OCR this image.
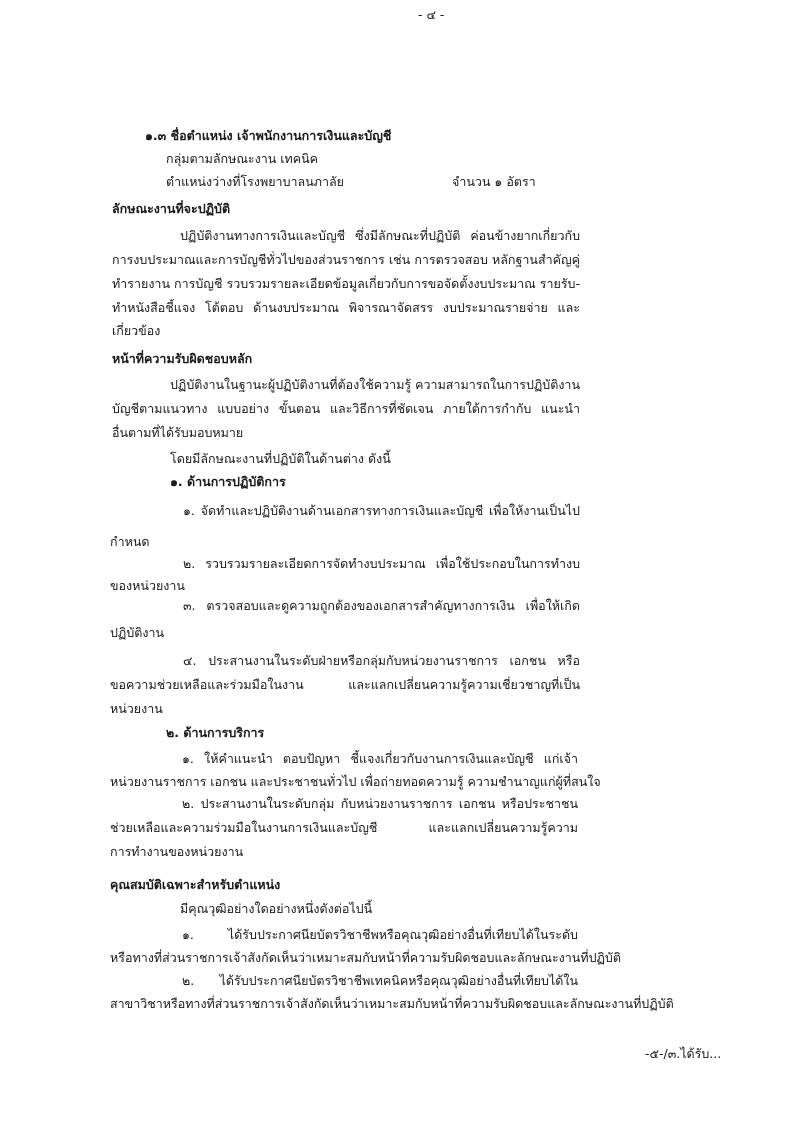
- ๔ -
๑.๓ ชื่อตำแหน่ง เจ้าพนักงานการเงินและบัญชี
กลุ่มตามลักษณะงาน เทคนิค
ตำแหน่งว่างที่โรงพยาบาลนภาลัย	จำนวน ๑ อัตรา
ลักษณะงานที่จะปฏิบัติ
ปฏิบัติงานทางการเงินและบัญชี ซึ่งมีลักษณะที่ปฏิบัติ ค่อนข้างยากเกี่ยวกับ
การงบประมาณและการบัญชีทั่วไปของส่วนราชการ เช่น การตรวจสอบ หลักฐานสำคัญคู่
ทำรายงาน การบัญชี รวบรวมรายละเอียดข้อมูลเกี่ยวกับการขอจัดตั้งงบประมาณ รายรับ-
ทำหนังสือชี้แจง โต้ตอบ ด้านงบประมาณ พิจารณาจัดสรร งบประมาณรายจ่าย และ
เกี่ยวข้อง
หน้าที่ความรับผิดชอบหลัก
ปฏิบัติงานในฐานะผู้ปฏิบัติงานที่ต้องใช้ความรู้ ความสามารถในการปฏิบัติงาน
บัญชีตามแนวทาง แบบอย่าง ขั้นตอน และวิธีการที่ชัดเจน ภายใต้การกำกับ แนะนำ
อื่นตามที่ได้รับมอบหมาย
โดยมีลักษณะงานที่ปฏิบัติในด้านต่าง ดังนี้
๑. ด้านการปฏิบัติการ
๑. จัดทำและปฏิบัติงานด้านเอกสารทางการเงินและบัญชี เพื่อให้งานเป็นไป
กำหนด
๒. รวบรวมรายละเอียดการจัดทำงบประมาณ เพื่อใช้ประกอบในการทำงบ
ของหน่วยงาน
๓. ตรวจสอบและดูความถูกต้องของเอกสารสำคัญทางการเงิน เพื่อให้เกิด
ปฏิบัติงาน
๔. ประสานงานในระดับฝ่ายหรือกลุ่มกับหน่วยงานราชการ เอกชน หรือ
ขอความช่วยเหลือและร่วมมือในงาน และแลกเปลี่ยนความรู้ความเชี่ยวชาญที่เป็น
หน่วยงาน
๒. ด้านการบริการ
๑. ให้คำแนะนำ ตอบปัญหา ชี้แจงเกี่ยวกับงานการเงินและบัญชี แก่เจ้า
หน่วยงานราชการ เอกชน และประชาชนทั่วไป เพื่อถ่ายทอดความรู้ ความชำนาญแก่ผู้ที่สนใจ
๒. ประสานงานในระดับกลุ่ม กับหน่วยงานราชการ เอกชน หรือประชาชน
ช่วยเหลือและความร่วมมือในงานการเงินและบัญชี และแลกเปลี่ยนความรู้ความ
การทำงานของหน่วยงาน
คุณสมบัติเฉพาะสำหรับตำแหน่ง
มีคุณวุฒิอย่างใดอย่างหนึ่งดังต่อไปนี้
๑. ได้รับประกาศนียบัตรวิชาชีพหรือคุณวุฒิอย่างอื่นที่เทียบได้ในระดับ
หรือทางที่ส่วนราชการเจ้าสังกัดเห็นว่าเหมาะสมกับหน้าที่ความรับผิดชอบและลักษณะงานที่ปฏิบัติ
๒. ได้รับประกาศนียบัตรวิชาชีพเทคนิคหรือคุณวุฒิอย่างอื่นที่เทียบได้ใน
สาขาวิชาหรือทางที่ส่วนราชการเจ้าสังกัดเห็นว่าเหมาะสมกับหน้าที่ความรับผิดชอบและลักษณะงานที่ปฏิบัติ
-๕-/๓.ได้รับ...
